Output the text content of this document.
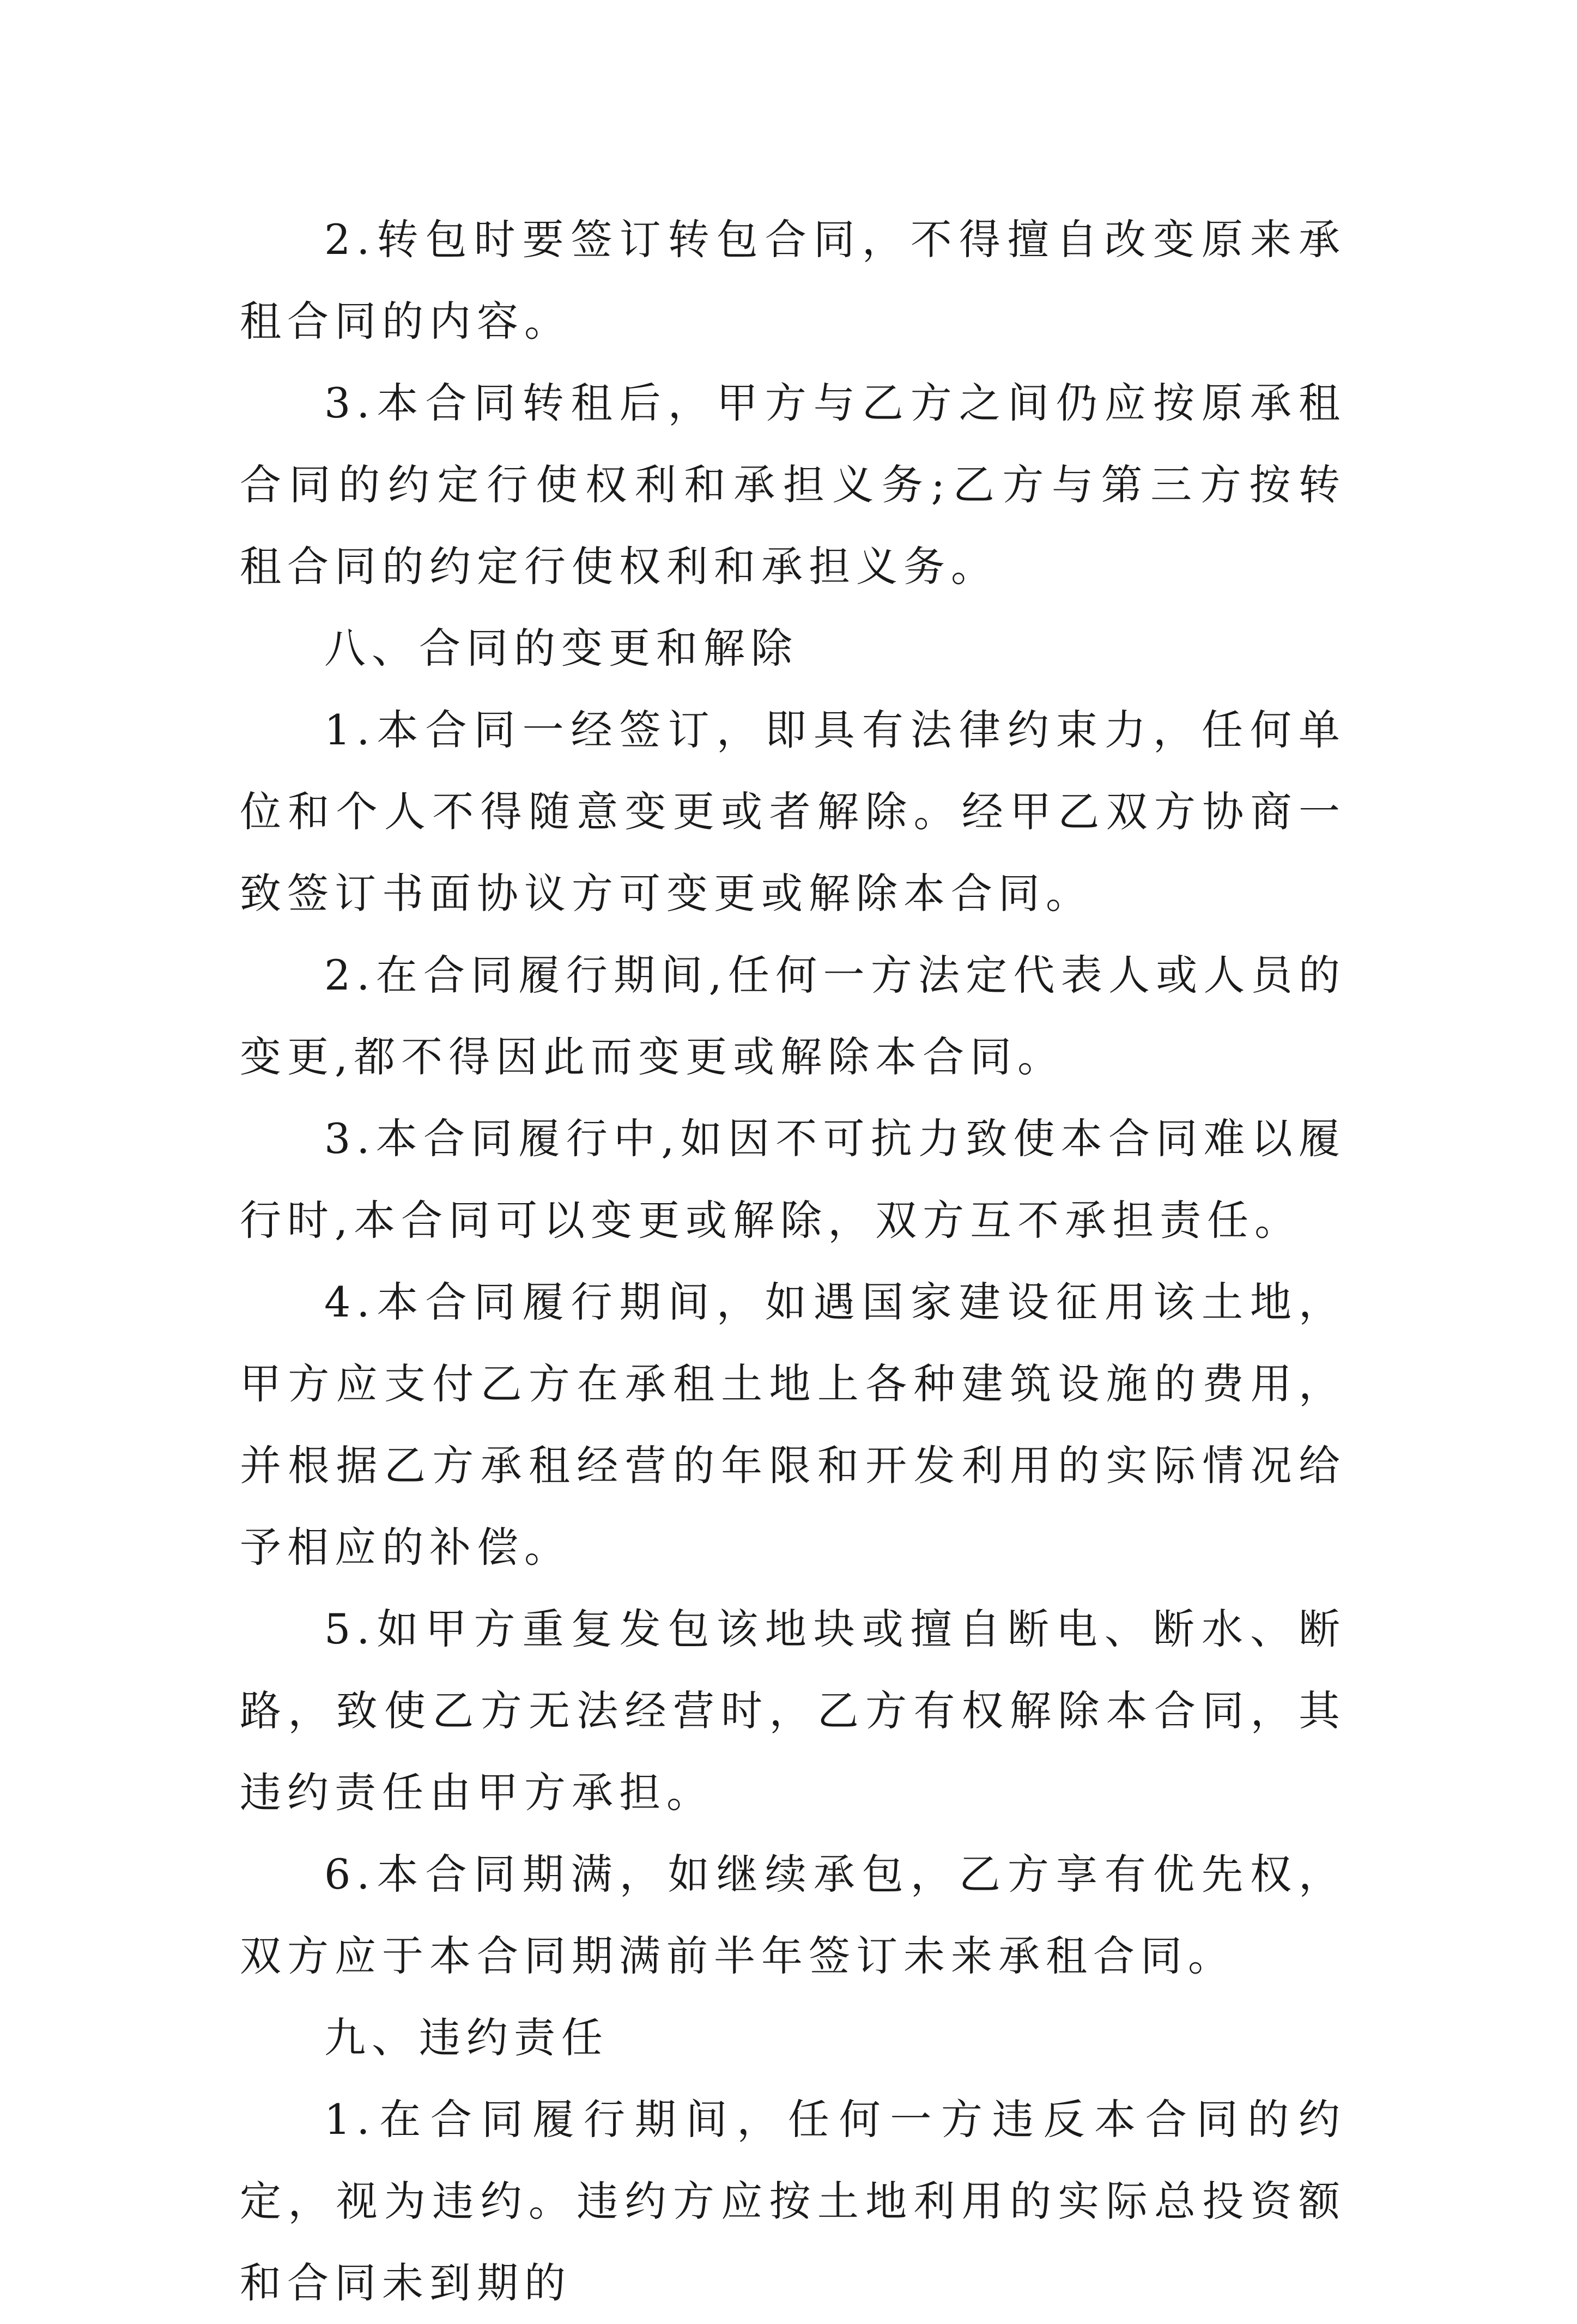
2.转包时要签订转包合同，不得擅自改变原来承租合同的内容。

3.本合同转租后，甲方与乙方之间仍应按原承租合同的约定行使权利和承担义务;乙方与第三方按转租合同的约定行使权利和承担义务。

八、合同的变更和解除

1.本合同一经签订，即具有法律约束力，任何单位和个人不得随意变更或者解除。经甲乙双方协商一致签订书面协议方可变更或解除本合同。

2.在合同履行期间,任何一方法定代表人或人员的变更,都不得因此而变更或解除本合同。

3.本合同履行中,如因不可抗力致使本合同难以履行时,本合同可以变更或解除，双方互不承担责任。

4.本合同履行期间，如遇国家建设征用该土地，甲方应支付乙方在承租土地上各种建筑设施的费用，并根据乙方承租经营的年限和开发利用的实际情况给予相应的补偿。

5.如甲方重复发包该地块或擅自断电、断水、断路，致使乙方无法经营时，乙方有权解除本合同，其违约责任由甲方承担。

6.本合同期满，如继续承包，乙方享有优先权，双方应于本合同期满前半年签订未来承租合同。

九、违约责任

1.在合同履行期间，任何一方违反本合同的约定，视为违约。违约方应按土地利用的实际总投资额和合同未到期的
